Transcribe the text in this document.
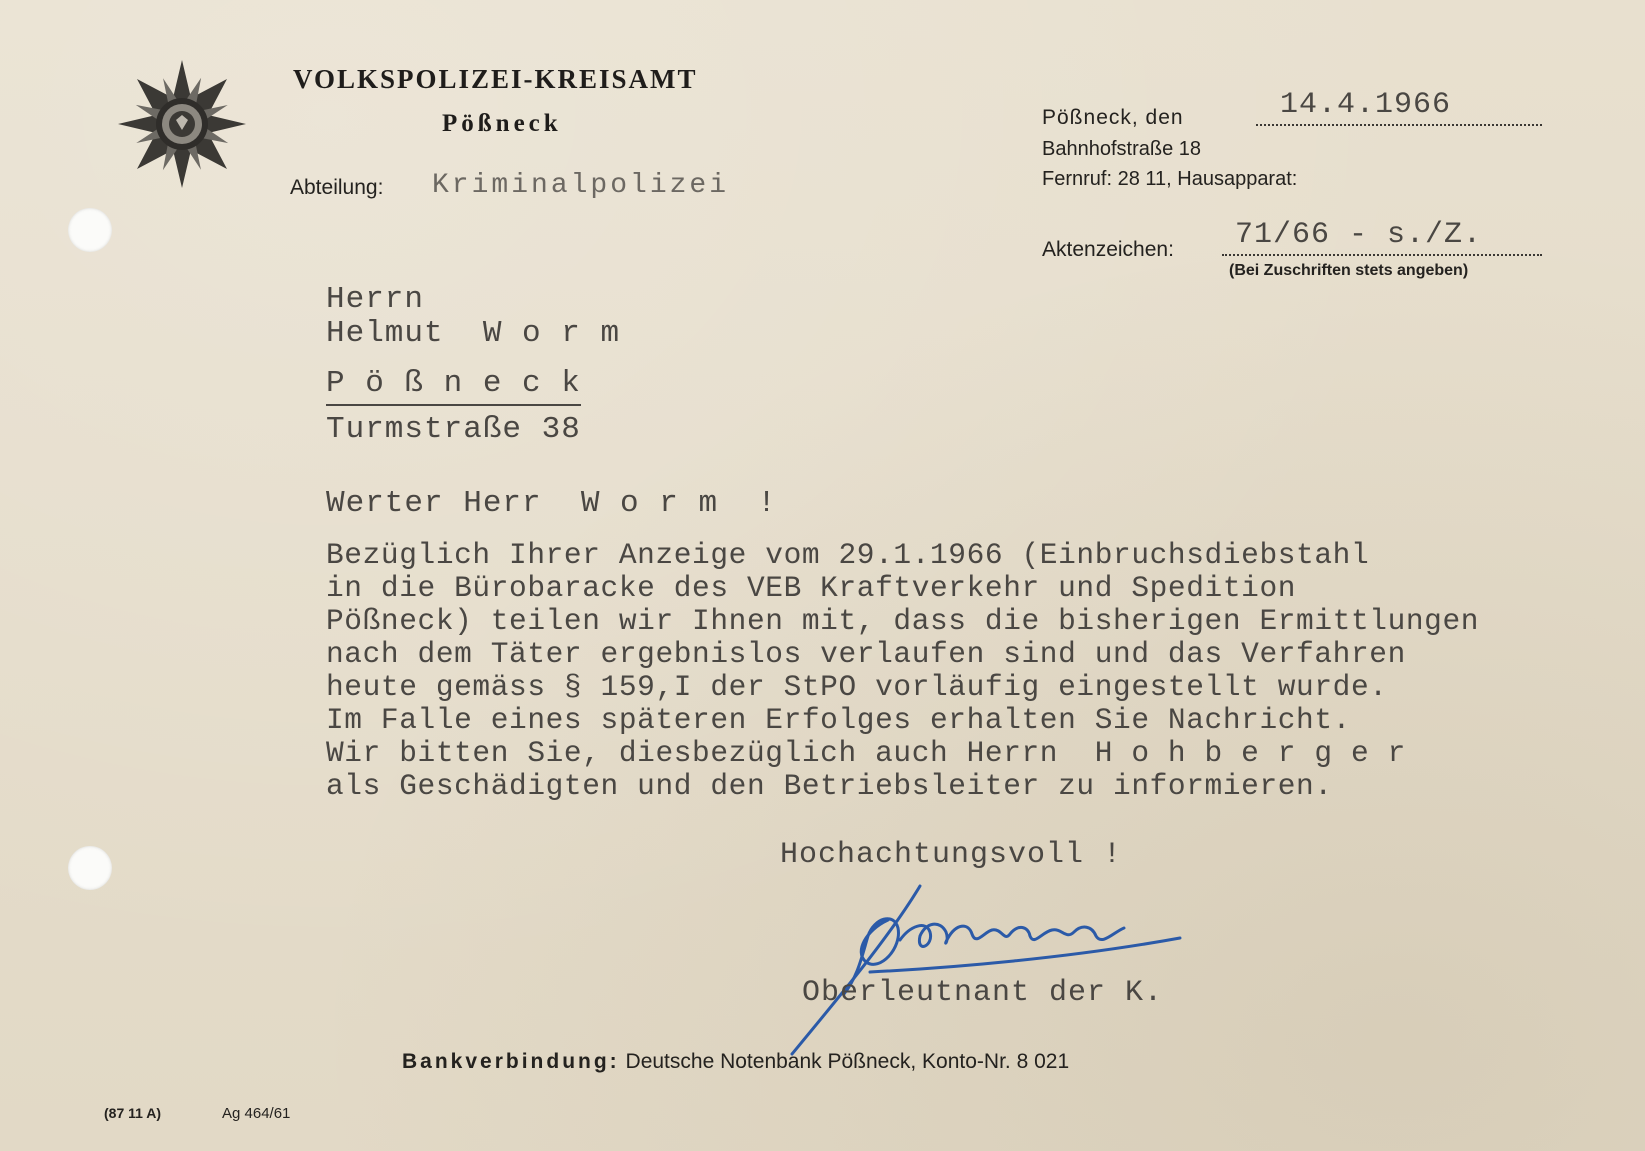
VOLKSPOLIZEI-KREISAMT
Pößneck
Abteilung: Kriminalpolizei
Pößneck, den	14.4.1966
Bahnhofstraße 18
Fernruf: 28 11, Hausapparat:
Aktenzeichen: 71/66 - s./Z.
(Bei Zuschriften stets angeben)
Herrn
Helmut  W o r m
P ö ß n e c k
Turmstraße 38
Werter Herr  W o r m  !
Bezüglich Ihrer Anzeige vom 29.1.1966 (Einbruchsdiebstahl
in die Bürobaracke des VEB Kraftverkehr und Spedition
Pößneck) teilen wir Ihnen mit, dass die bisherigen Ermittlungen
nach dem Täter ergebnislos verlaufen sind und das Verfahren
heute gemäss § 159,I der StPO vorläufig eingestellt wurde.
Im Falle eines späteren Erfolges erhalten Sie Nachricht.
Wir bitten Sie, diesbezüglich auch Herrn  H o h b e r g e r
als Geschädigten und den Betriebsleiter zu informieren.
Hochachtungsvoll !
Oberleutnant der K.
Bankverbindung: Deutsche Notenbank Pößneck, Konto-Nr. 8 021
(87 11 A)	Ag 464/61
